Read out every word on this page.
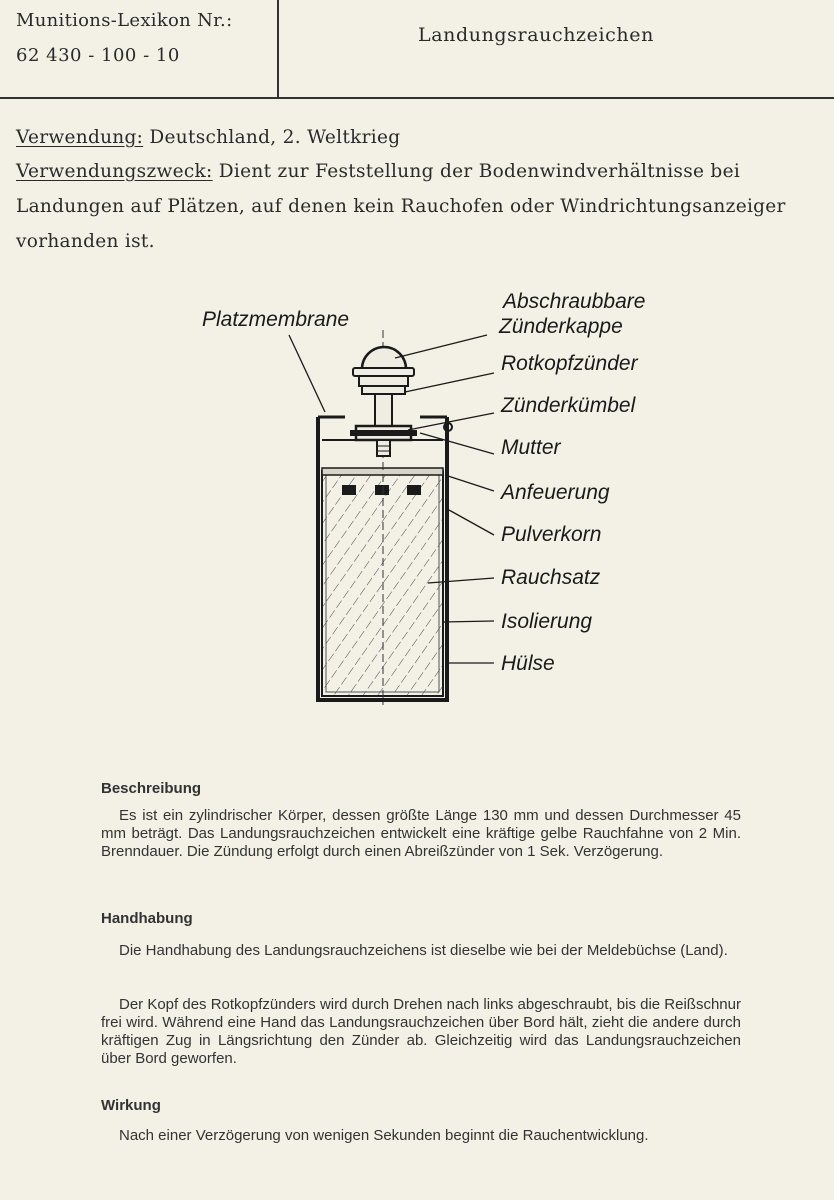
Munitions-Lexikon Nr.:
62 430 - 100 - 10
Landungsrauchzeichen
Verwendung: Deutschland, 2. Weltkrieg
Verwendungszweck: Dient zur Feststellung der Bodenwindverhältnisse bei
Landungen auf Plätzen, auf denen kein Rauchofen oder Windrichtungsanzeiger
vorhanden ist.
Platzmembrane
Abschraubbare
Zünderkappe
Rotkopfzünder
Zünderkümbel
Mutter
Anfeuerung
Pulverkorn
Rauchsatz
Isolierung
Hülse
Beschreibung
Es ist ein zylindrischer Körper, dessen größte Länge 130 mm und dessen Durchmesser 45 mm beträgt. Das Landungsrauchzeichen entwickelt eine kräftige gelbe Rauchfahne von 2 Min. Brenndauer. Die Zündung erfolgt durch einen Abreißzünder von 1 Sek. Verzögerung.
Handhabung
Die Handhabung des Landungsrauchzeichens ist dieselbe wie bei der Meldebüchse (Land).
Der Kopf des Rotkopfzünders wird durch Drehen nach links abgeschraubt, bis die Reißschnur frei wird. Während eine Hand das Landungsrauchzeichen über Bord hält, zieht die andere durch kräftigen Zug in Längsrichtung den Zünder ab. Gleichzeitig wird das Landungsrauchzeichen über Bord geworfen.
Wirkung
Nach einer Verzögerung von wenigen Sekunden beginnt die Rauchentwicklung.
